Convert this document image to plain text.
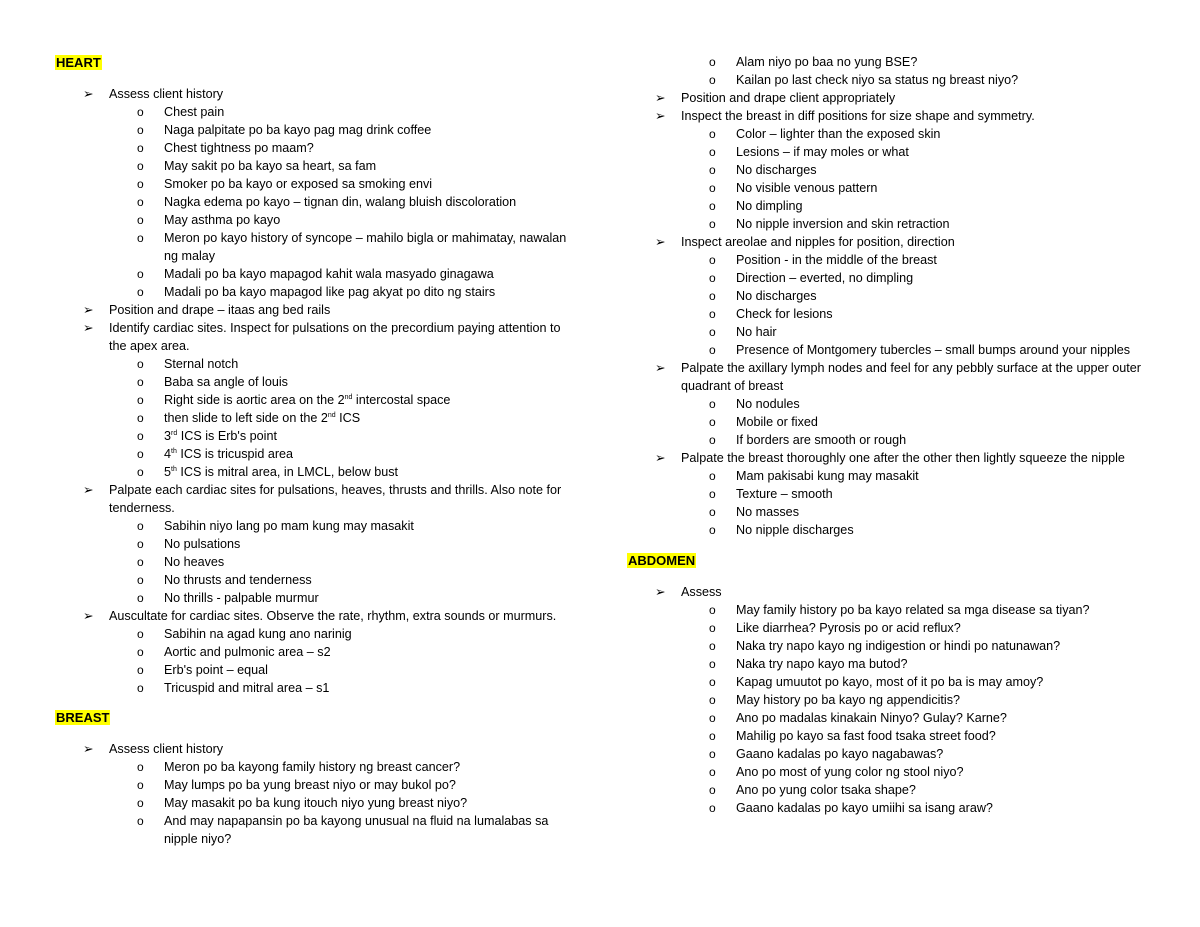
HEART
➢	Assess client history
o	Chest pain
o	Naga palpitate po ba kayo pag mag drink coffee
o	Chest tightness po maam?
o	May sakit po ba kayo sa heart, sa fam
o	Smoker po ba kayo or exposed sa smoking envi
o	Nagka edema po kayo – tignan din, walang bluish discoloration
o	May asthma po kayo
o	Meron po kayo history of syncope – mahilo bigla or mahimatay, nawalan ng malay
o	Madali po ba kayo mapagod kahit wala masyado ginagawa
o	Madali po ba kayo mapagod like pag akyat po dito ng stairs
➢	Position and drape – itaas ang bed rails
➢	Identify cardiac sites. Inspect for pulsations on the precordium paying attention to the apex area.
o	Sternal notch
o	Baba sa angle of louis
o	Right side is aortic area on the 2nd intercostal space
o	then slide to left side on the 2nd ICS
o	3rd ICS is Erb's point
o	4th ICS is tricuspid area
o	5th ICS is mitral area, in LMCL, below bust
➢	Palpate each cardiac sites for pulsations, heaves, thrusts and thrills. Also note for tenderness.
o	Sabihin niyo lang po mam kung may masakit
o	No pulsations
o	No heaves
o	No thrusts and tenderness
o	No thrills - palpable murmur
➢	Auscultate for cardiac sites. Observe the rate, rhythm, extra sounds or murmurs.
o	Sabihin na agad kung ano narinig
o	Aortic and pulmonic area – s2
o	Erb's point – equal
o	Tricuspid and mitral area – s1
BREAST
➢	Assess client history
o	Meron po ba kayong family history ng breast cancer?
o	May lumps po ba yung breast niyo or may bukol po?
o	May masakit po ba kung itouch niyo yung breast niyo?
o	And may napapansin po ba kayong unusual na fluid na lumalabas sa nipple niyo?
o	Alam niyo po baa no yung BSE?
o	Kailan po last check niyo sa status ng breast niyo?
➢	Position and drape client appropriately
➢	Inspect the breast in diff positions for size shape and symmetry.
o	Color – lighter than the exposed skin
o	Lesions – if may moles or what
o	No discharges
o	No visible venous pattern
o	No dimpling
o	No nipple inversion and skin retraction
➢	Inspect areolae and nipples for position, direction
o	Position - in the middle of the breast
o	Direction – everted, no dimpling
o	No discharges
o	Check for lesions
o	No hair
o	Presence of Montgomery tubercles – small bumps around your nipples
➢	Palpate the axillary lymph nodes and feel for any pebbly surface at the upper outer quadrant of breast
o	No nodules
o	Mobile or fixed
o	If borders are smooth or rough
➢	Palpate the breast thoroughly one after the other then lightly squeeze the nipple
o	Mam pakisabi kung may masakit
o	Texture – smooth
o	No masses
o	No nipple discharges
ABDOMEN
➢	Assess
o	May family history po ba kayo related sa mga disease sa tiyan?
o	Like diarrhea? Pyrosis po or acid reflux?
o	Naka try napo kayo ng indigestion or hindi po natunawan?
o	Naka try napo kayo ma butod?
o	Kapag umuutot po kayo, most of it po ba is may amoy?
o	May history po ba kayo ng appendicitis?
o	Ano po madalas kinakain Ninyo? Gulay? Karne?
o	Mahilig po kayo sa fast food tsaka street food?
o	Gaano kadalas po kayo nagabawas?
o	Ano po most of yung color ng stool niyo?
o	Ano po yung color tsaka shape?
o	Gaano kadalas po kayo umiihi sa isang araw?
